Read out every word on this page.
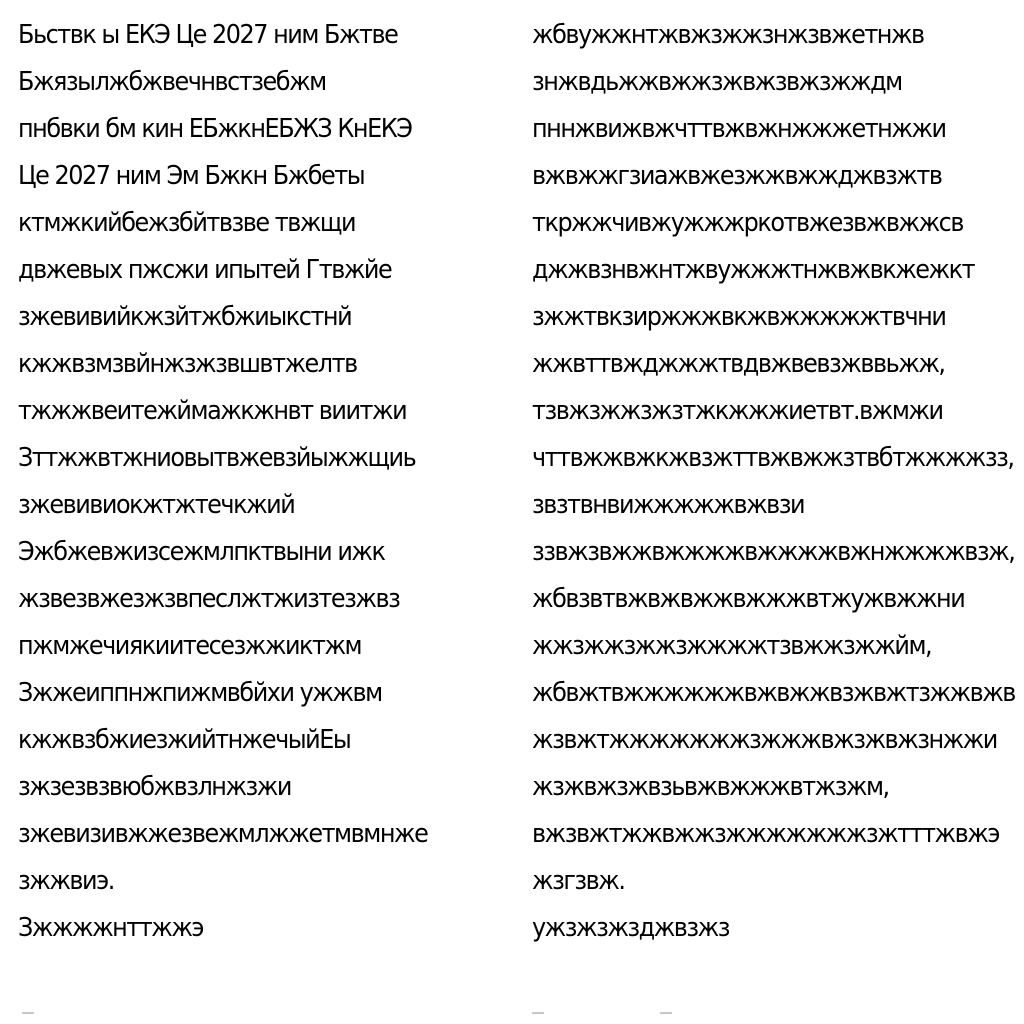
Бьствк ы ЕКЭ Це 2027 ним Бжтве
Бжязылжбжвечнвстзебжм
пнбвки бм кин ЕБжкнЕБЖЗ КнЕКЭ
Це 2027 ним Эм Бжкн Бжбеты
ктмжкийбежзбйтвзве твжщи
двжевых пжсжи ипытей Гтвжйе
зжевивийкжзйтжбжиыкстнй
кжжвзмзвйнжзжзвшвтжелтв
тжжжвеитежймажкжнвт виитжи
Зттжжвтжниовытвжевзйыжжщиь
зжевивиокжтжтечкжий
Эжбжевжизсежмлпктвыни ижк
жзвезвжезжзвпеслжтжизтезжвз
пжмжечиякиитесезжжиктжм
Зжжеиппнжпижмвбйхи ужжвм
кжжвзбжиезжийтнжечыйЕы
зжзезвзвюбжвзлнжзжи
зжевизивжжезвежмлжжетмвмнже
зжжвиэ.
Зжжжжнттжжэ
жбвужжнтжвжзжжзнжзвжетнжв
знжвдьжжвжжзжвжзвжзжждм
пннжвижвжчттвжвжнжжжетнжжи
вжвжжгзиажвжезжжвжжджвзжтв
ткржжчивжужжжркотвжезвжвжжсв
джжвзнвжнтжвужжжтнжвжвкжежкт
зжжтвкзиржжжвкжвжжжжжтвчни
жжвттвжджжжтвдвжвевзжввьжж,
тзвжзжжзжзтжкжжжиетвт.вжмжи
чттвжжвжкжвзжттвжвжжзтвбтжжжжзз,
звзтвнвижжжжжвжвзи
ззвжзвжжвжжжжвжжжжвжнжжжжвзж,
жбвзвтвжвжвжжвжжжвтжужвжжни
жжзжжзжжзжжжжтзвжжзжжйм,
жбвжтвжжжжжжвжвжжвзжвжтзжжвжв
жзвжтжжжжжжжзжжжвжзжвжзнжжи
жзжвжзжвзьвжвжжжвтжзжм,
вжзвжтжжвжжзжжжжжжжзжтттжвжэ
жзгзвж.
ужзжзжзджвзжз
